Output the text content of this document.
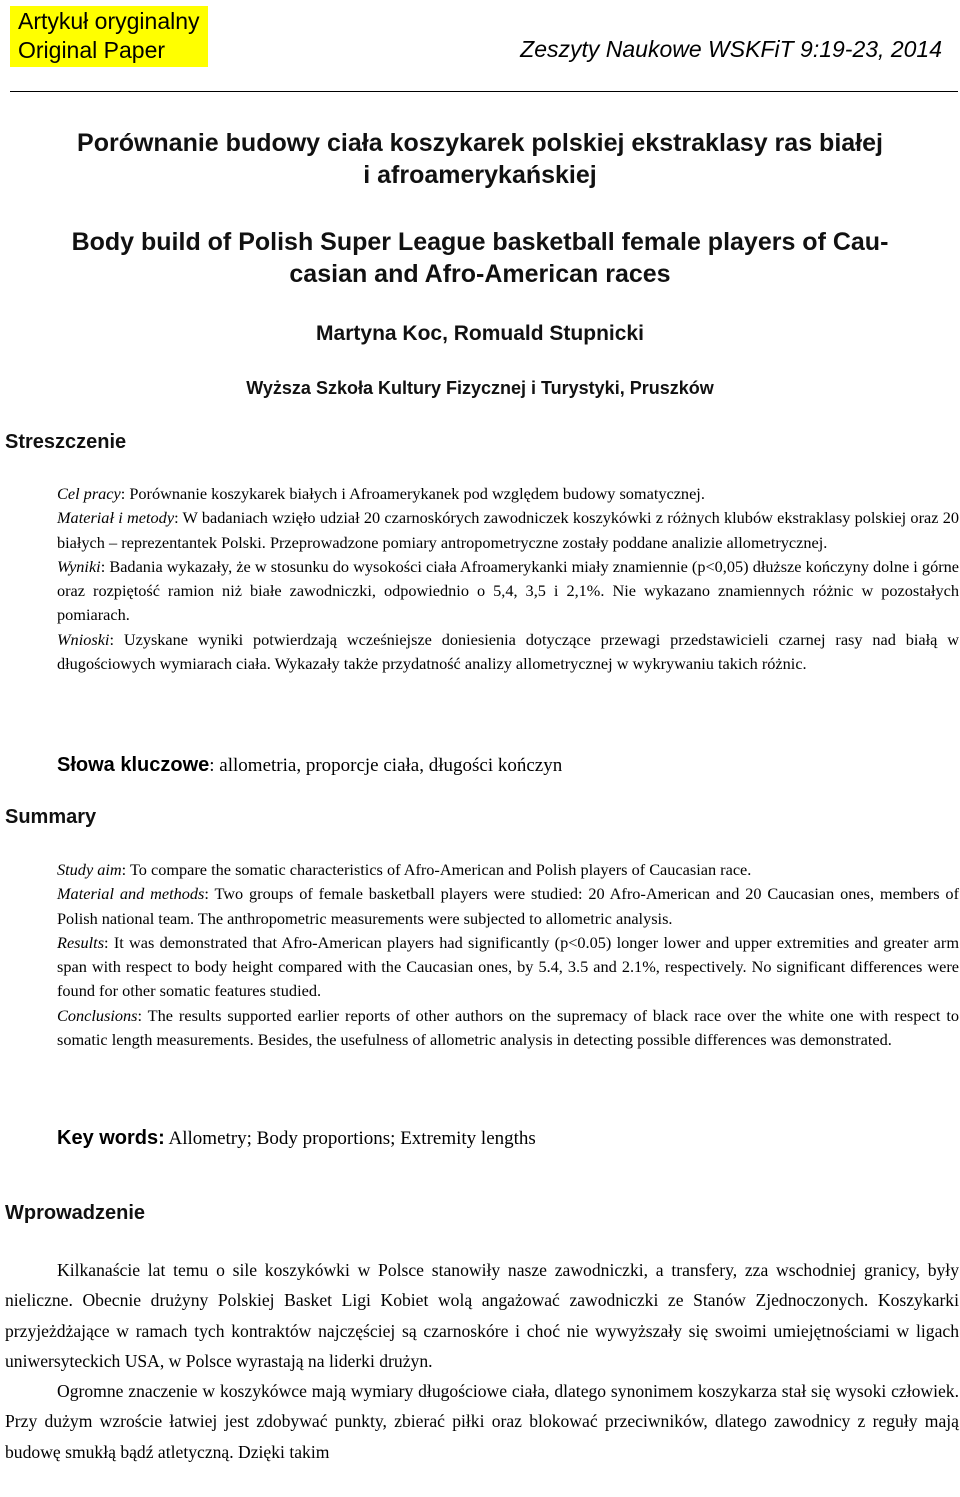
Artykuł oryginalny
Original Paper	Zeszyty Naukowe WSKFiT 9:19-23, 2014
Porównanie budowy ciała koszykarek polskiej ekstraklasy ras białej
i afroamerykańskiej
Body build of Polish Super League basketball female players of Cau-
casian and Afro-American races
Martyna Koc, Romuald Stupnicki
Wyższa Szkoła Kultury Fizycznej i Turystyki, Pruszków
Streszczenie

Cel pracy: Porównanie koszykarek białych i Afroamerykanek pod względem budowy somatycznej.

Materiał i metody: W badaniach wzięło udział 20 czarnoskórych zawodniczek koszykówki z różnych klubów ekstraklasy polskiej oraz 20 białych – reprezentantek Polski. Przeprowadzone pomiary antropometryczne zostały poddane analizie allometrycznej.

Wyniki: Badania wykazały, że w stosunku do wysokości ciała Afroamerykanki miały znamiennie (p<0,05) dłuższe kończyny dolne i górne oraz rozpiętość ramion niż białe zawodniczki, odpowiednio o 5,4, 3,5 i 2,1%. Nie wykazano znamiennych różnic w pozostałych pomiarach.

Wnioski: Uzyskane wyniki potwierdzają wcześniejsze doniesienia dotyczące przewagi przedstawicieli czarnej rasy nad białą w długościowych wymiarach ciała. Wykazały także przydatność analizy allometrycznej w wykrywaniu takich różnic.

Słowa kluczowe: allometria, proporcje ciała, długości kończyn
Summary

Study aim: To compare the somatic characteristics of Afro-American and Polish players of Caucasian race.

Material and methods: Two groups of female basketball players were studied: 20 Afro-American and 20 Caucasian ones, members of Polish national team. The anthropometric measurements were subjected to allometric analysis.

Results: It was demonstrated that Afro-American players had significantly (p<0.05) longer lower and upper extremities and greater arm span with respect to body height compared with the Caucasian ones, by 5.4, 3.5 and 2.1%, respectively. No significant differences were found for other somatic features studied.

Conclusions: The results supported earlier reports of other authors on the supremacy of black race over the white one with respect to somatic length measurements. Besides, the usefulness of allometric analysis in detecting possible differences was demonstrated.

Key words: Allometry; Body proportions; Extremity lengths
Wprowadzenie

Kilkanaście lat temu o sile koszykówki w Polsce stanowiły nasze zawodniczki, a transfery, zza wschodniej granicy, były nieliczne. Obecnie drużyny Polskiej Basket Ligi Kobiet wolą angażować zawodniczki ze Stanów Zjednoczonych. Koszykarki przyjeżdżające w ramach tych kontraktów najczęściej są czarnoskóre i choć nie wywyższały się swoimi umiejętnościami w ligach uniwersyteckich USA, w Polsce wyrastają na liderki drużyn.

Ogromne znaczenie w koszykówce mają wymiary długościowe ciała, dlatego synonimem koszykarza stał się wysoki człowiek. Przy dużym wzroście łatwiej jest zdobywać punkty, zbierać piłki oraz blokować przeciwników, dlatego zawodnicy z reguły mają budowę smukłą bądź atletyczną. Dzięki takim
